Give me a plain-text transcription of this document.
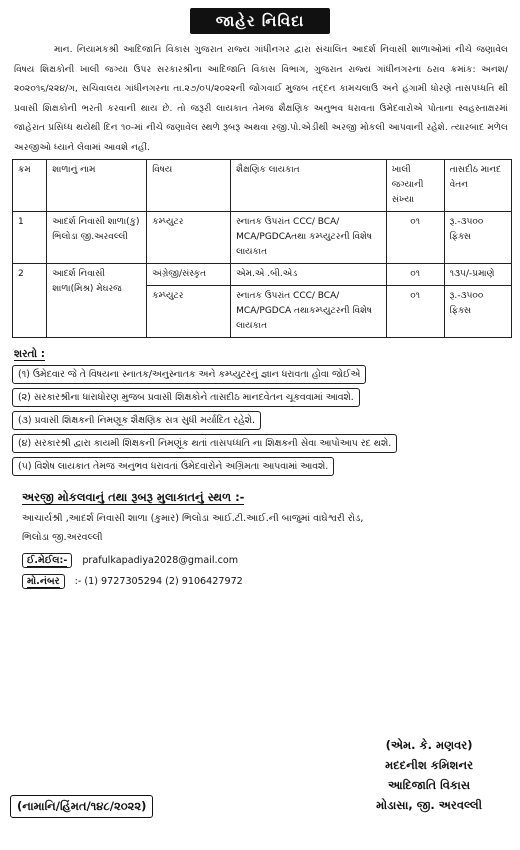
જાહેર નિવિદા
માન. નિયામકશ્રી આદિજાતિ વિકાસ ગુજરાત રાજ્ય ગાંધીનગર દ્વારા સંચાલિત આદર્શ નિવાસી શાળાઓમાં નીચે જણાવેલ વિષય શિક્ષકોની ખાલી જગ્યા ઉપર સરકારશ્રીના આદિજાતિ વિકાસ વિભાગ, ગુજરાત રાજ્ય ગાંધીનગરના ઠરાવ ક્રમાંક: અનશ/૨૦૨૦૧૬/૨૨૪/ગ, સચિવાલય ગાંધીનગરના તા.૨૭/૦૫/૨૦૨૨ની જોગવાઈ મુજબ તદ્દન કામચલાઉ અને હંગામી ધોરણે તાસપધ્ધતિ થી પ્રવાસી શિક્ષકોની ભરતી કરવાની થાય છે. તો જરૂરી લાયકાત તેમજ શૈક્ષણિક અનુભવ ધરાવતા ઉમેદવારોએ પોતાના સ્વહસ્તાક્ષરમાં જાહેરાત પ્રસિધ્ધ થયેથી દિન ૧૦-માં નીચે જણાવેલ સ્થળે રૂબરૂ અથવા રજી.પો.એડીથી અરજી મોકલી આપવાની રહેશે. ત્યારબાદ મળેલ અરજીઓ ધ્યાને લેવામાં આવશે નહીં.
ક્રમ	શાળાનું નામ	વિષય	શૈક્ષણિક લાયકાત	ખાલી જગ્યાની સંખ્યા	તાસદીઠ માનદ વેતન
1	આદર્શ નિવાસી શાળા(કુ) ભિલોડા જી.અરવલ્લી	કમ્પ્યુટર	સ્નાતક ઉપરાંત CCC/ BCA/ MCA/PGDCAતથા કમ્પ્યુટરની વિશેષ લાયકાત	૦૧	રૂ.-૩૫૦૦ ફિક્સ
2	આદર્શ નિવાસી શાળા(મિશ્ર) મેઘરજ	અંગ્રેજી/સંસ્કૃત	એમ.એ .બી.એડ	૦૧	૧૩૫/-પ્રમાણે
		કમ્પ્યુટર	સ્નાતક ઉપરાંત CCC/ BCA/ MCA/PGDCA તથાકમ્પ્યુટરની વિશેષ લાયકાત	૦૧	રૂ.-૩૫૦૦ ફિક્સ
શરતો :
(૧) ઉમેદવાર જે તે વિષયના સ્નાતક/અનુસ્નાતક અને કમ્પ્યુટરનું જ્ઞાન ધરાવતા હોવા જોઈએ
(૨) સરકારશ્રીના ધારાધોરણ મુજબ પ્રવાસી શિક્ષકોને તાસદીઠ માનદવેતન ચૂકવવામાં આવશે.
(૩) પ્રવાસી શિક્ષકની નિમણૂક શૈક્ષણિક સત્ર સુધી મર્યાદિત રહેશે.
(૪) સરકારશ્રી દ્વારા કાયમી શિક્ષકની નિમણૂંક થતાં તાસપધ્ધતિ ના શિક્ષકની સેવા આપોઆપ રદ થશે.
(૫) વિશેષ લાયકાત તેમજ અનુભવ ધરાવતાં ઉમેદવારોને અગ્રિમતા આપવામાં આવશે.
અરજી મોકલવાનું તથા રૂબરૂ મુલાકાતનું સ્થળ :-
આચાર્યશ્રી ,આદર્શ નિવાસી શાળા (કુમાર) ભિલોડા આઈ.ટી.આઈ.ની બાજુમાં વાઘેશ્વરી રોડ,
ભિલોડા જી.અરવલ્લી
ઈ.મેઈલ:-	prafulkapadiya2028@gmail.com
મો.નંબર	:- (1) 9727305294 (2) 9106427972
(એમ. કે. મણવર)
મદદનીશ કમિશનર
આદિજાતિ વિકાસ
મોડાસા, જી. અરવલ્લી
(નામાનિ/હિંમત/૧૪૮/૨૦૨૨)
